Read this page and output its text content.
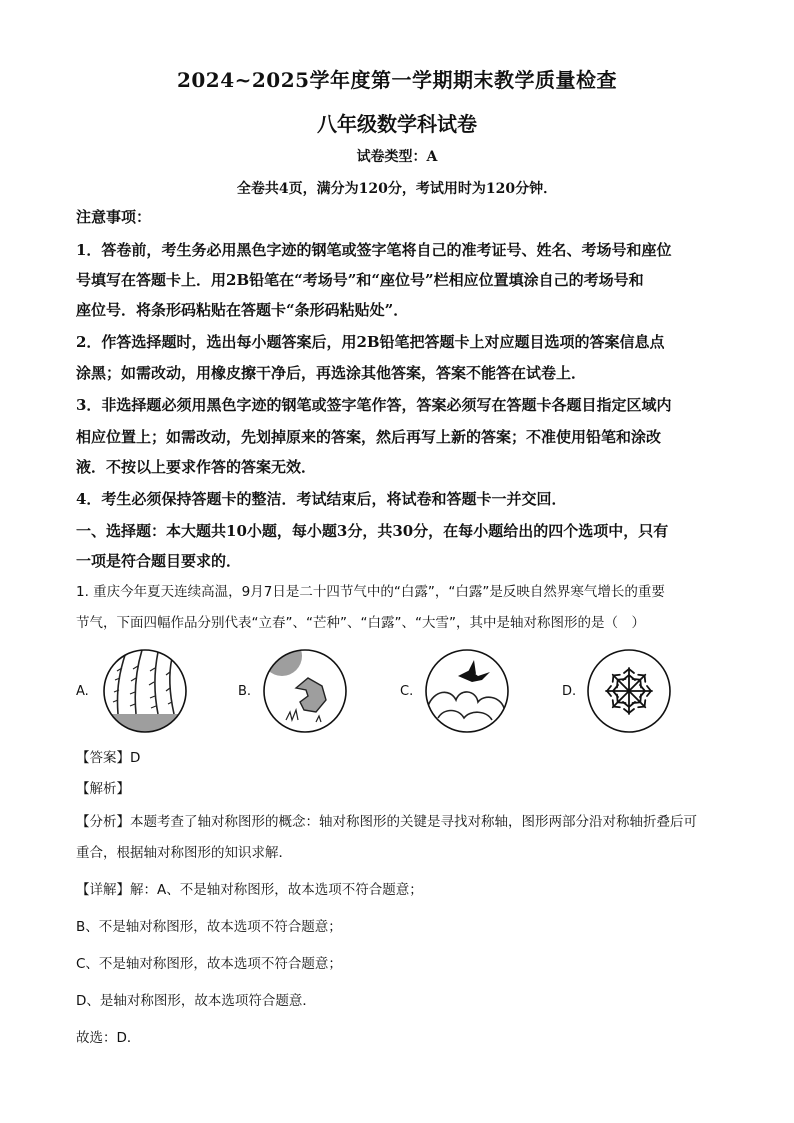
2024~2025学年度第一学期期末教学质量检查
八年级数学科试卷
试卷类型：A
全卷共4页，满分为120分，考试用时为120分钟．
注意事项：
1．答卷前，考生务必用黑色字迹的钢笔或签字笔将自己的准考证号、姓名、考场号和座位
号填写在答题卡上．用2B铅笔在“考场号”和“座位号”栏相应位置填涂自己的考场号和
座位号．将条形码粘贴在答题卡“条形码粘贴处”．
2．作答选择题时，选出每小题答案后，用2B铅笔把答题卡上对应题目选项的答案信息点
涂黑；如需改动，用橡皮擦干净后，再选涂其他答案，答案不能答在试卷上．
3．非选择题必须用黑色字迹的钢笔或签字笔作答，答案必须写在答题卡各题目指定区域内
相应位置上；如需改动，先划掉原来的答案，然后再写上新的答案；不准使用铅笔和涂改
液．不按以上要求作答的答案无效．
4．考生必须保持答题卡的整洁．考试结束后，将试卷和答题卡一并交回．
一、选择题：本大题共10小题，每小题3分，共30分，在每小题给出的四个选项中，只有
一项是符合题目要求的．
1. 重庆今年夏天连续高温，9月7日是二十四节气中的“白露”，“白露”是反映自然界寒气增长的重要
节气，下面四幅作品分别代表“立春”、“芒种”、“白露”、“大雪”，其中是轴对称图形的是（　）
A.	B.	C.	D.
【答案】D
【解析】
【分析】本题考查了轴对称图形的概念：轴对称图形的关键是寻找对称轴，图形两部分沿对称轴折叠后可
重合，根据轴对称图形的知识求解．
【详解】解：A、不是轴对称图形，故本选项不符合题意；
B、不是轴对称图形，故本选项不符合题意；
C、不是轴对称图形，故本选项不符合题意；
D、是轴对称图形，故本选项符合题意．
故选：D．
